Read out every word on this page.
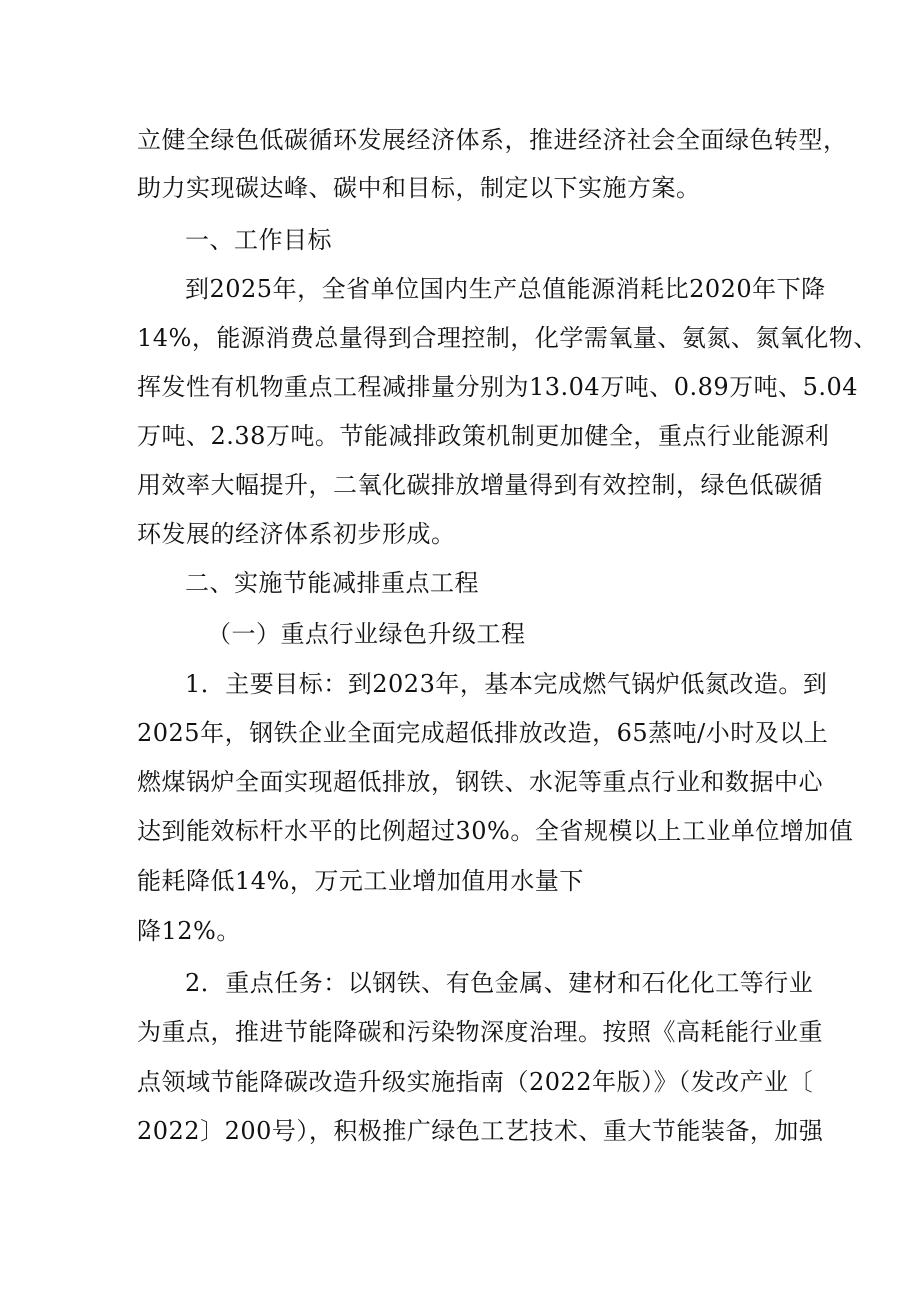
立健全绿色低碳循环发展经济体系，推进经济社会全面绿色转型，
助力实现碳达峰、碳中和目标，制定以下实施方案。
一、工作目标
到2025年，全省单位国内生产总值能源消耗比2020年下降
14%，能源消费总量得到合理控制，化学需氧量、氨氮、氮氧化物、
挥发性有机物重点工程减排量分别为13.04万吨、0.89万吨、5.04
万吨、2.38万吨。节能减排政策机制更加健全，重点行业能源利
用效率大幅提升，二氧化碳排放增量得到有效控制，绿色低碳循
环发展的经济体系初步形成。
二、实施节能减排重点工程
（一）重点行业绿色升级工程
1．主要目标：到2023年，基本完成燃气锅炉低氮改造。到
2025年，钢铁企业全面完成超低排放改造，65蒸吨/小时及以上
燃煤锅炉全面实现超低排放，钢铁、水泥等重点行业和数据中心
达到能效标杆水平的比例超过30%。全省规模以上工业单位增加值
能耗降低14%，万元工业增加值用水量下
降12%。
2．重点任务：以钢铁、有色金属、建材和石化化工等行业
为重点，推进节能降碳和污染物深度治理。按照《高耗能行业重
点领域节能降碳改造升级实施指南（2022年版）》（发改产业〔
2022〕200号），积极推广绿色工艺技术、重大节能装备，加强
